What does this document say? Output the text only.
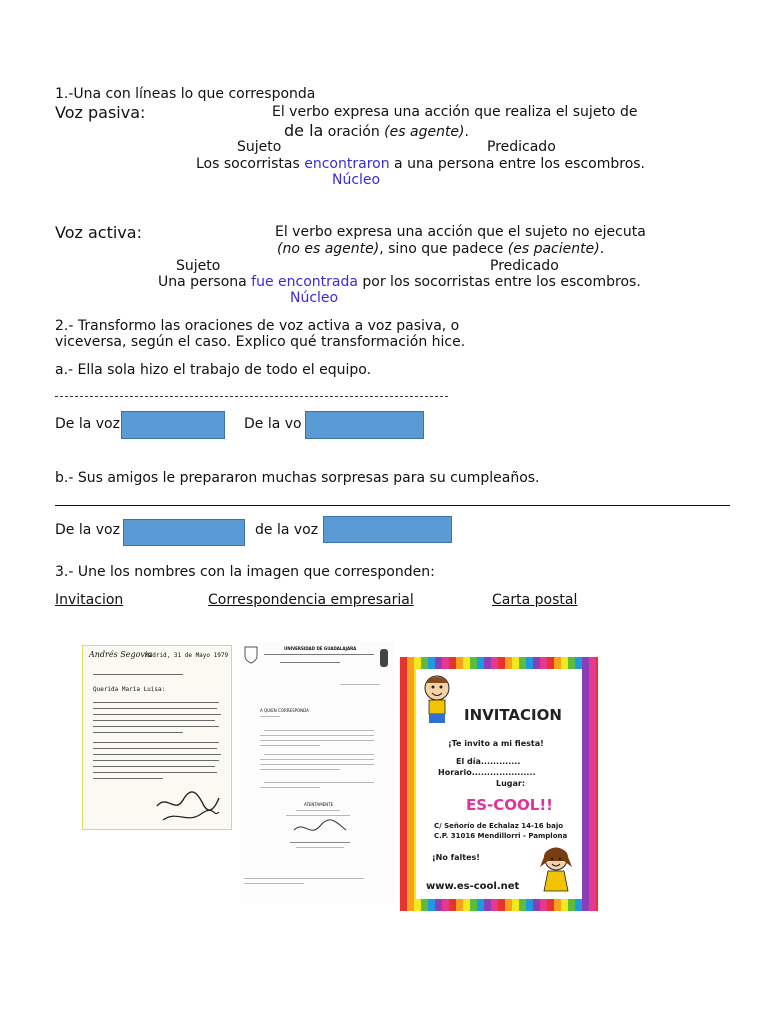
1.-Una con líneas lo que corresponda
Voz pasiva:	El verbo expresa una acción que realiza el sujeto de
de la oración (es agente).
Sujeto	Predicado
Los socorristas encontraron a una persona entre los escombros.
Núcleo
Voz activa:	El verbo expresa una acción que el sujeto no ejecuta
(no es agente), sino que padece (es paciente).
Sujeto	Predicado
Una persona fue encontrada por los socorristas entre los escombros.
Núcleo
2.- Transformo las oraciones de voz activa a voz pasiva, o
viceversa, según el caso. Explico qué transformación hice.
a.- Ella sola hizo el trabajo de todo el equipo.
De la voz	De la vo
b.- Sus amigos le prepararon muchas sorpresas para su cumpleaños.
De la voz	de la voz
3.- Une los nombres con la imagen que corresponden:
Invitacion	Correspondencia empresarial	Carta postal
Andrés Segovia
Madrid, 31 de Mayo 1979
Querida María Luisa:
UNIVERSIDAD DE GUADALAJARA
A QUIEN CORRESPONDA
ATENTAMENTE
INVITACION
¡Te invito a mi fiesta!
El día.............
Horario.....................
Lugar:
ES-COOL!!
C/ Señorío de Echalaz 14-16 bajo
C.P. 31016 Mendillorri - Pamplona
¡No faltes!
www.es-cool.net
